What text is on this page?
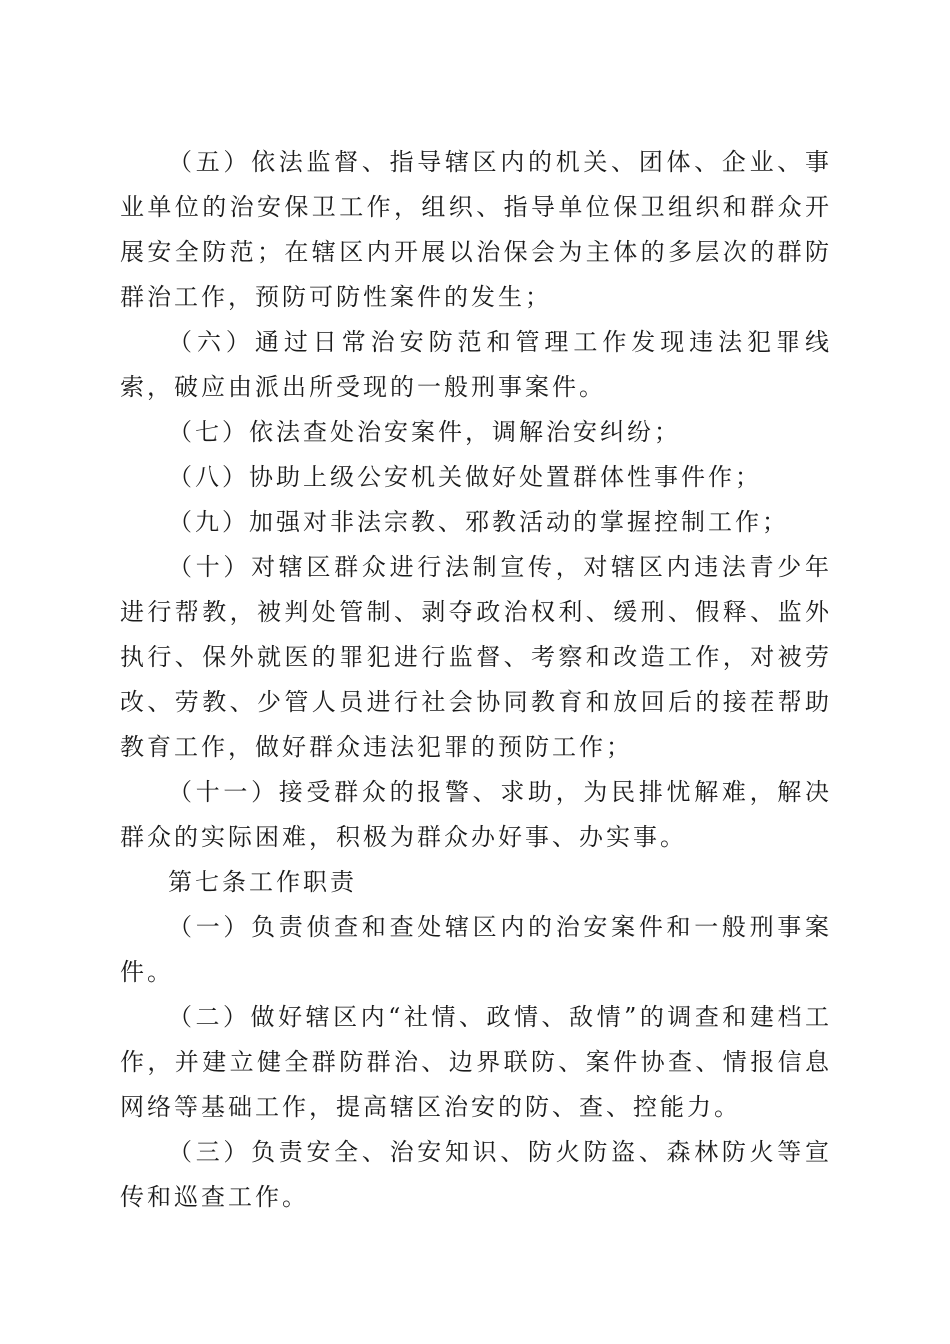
（五）依法监督、指导辖区内的机关、团体、企业、事业单位的治安保卫工作，组织、指导单位保卫组织和群众开展安全防范；在辖区内开展以治保会为主体的多层次的群防群治工作，预防可防性案件的发生；

（六）通过日常治安防范和管理工作发现违法犯罪线索，破应由派出所受现的一般刑事案件。

（七）依法查处治安案件，调解治安纠纷；

（八）协助上级公安机关做好处置群体性事件作；

（九）加强对非法宗教、邪教活动的掌握控制工作；

（十）对辖区群众进行法制宣传，对辖区内违法青少年进行帮教，被判处管制、剥夺政治权利、缓刑、假释、监外执行、保外就医的罪犯进行监督、考察和改造工作，对被劳改、劳教、少管人员进行社会协同教育和放回后的接茬帮助教育工作，做好群众违法犯罪的预防工作；

（十一）接受群众的报警、求助，为民排忧解难，解决群众的实际困难，积极为群众办好事、办实事。

第七条工作职责

（一）负责侦查和查处辖区内的治安案件和一般刑事案件。

（二）做好辖区内“社情、政情、敌情”的调查和建档工作，并建立健全群防群治、边界联防、案件协查、情报信息网络等基础工作，提高辖区治安的防、查、控能力。

（三）负责安全、治安知识、防火防盗、森林防火等宣传和巡查工作。
